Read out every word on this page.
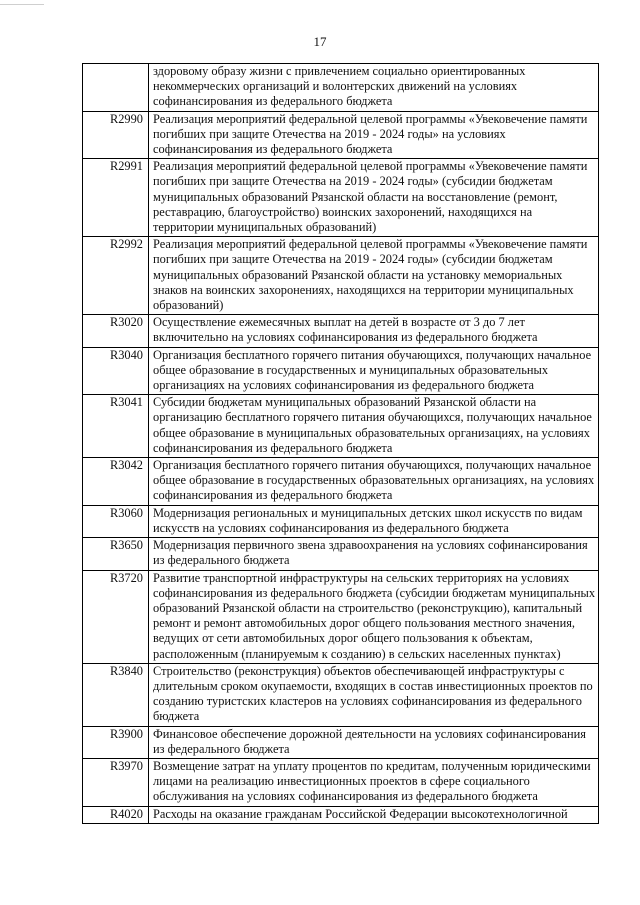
17
	здоровому образу жизни с привлечением социально ориентированных некоммерческих организаций и волонтерских движений на условиях софинансирования из федерального бюджета
R2990	Реализация мероприятий федеральной целевой программы «Увековечение памяти погибших при защите Отечества на 2019 - 2024 годы» на условиях софинансирования из федерального бюджета
R2991	Реализация мероприятий федеральной целевой программы «Увековечение памяти погибших при защите Отечества на 2019 - 2024 годы» (субсидии бюджетам муниципальных образований Рязанской области на восстановление (ремонт, реставрацию, благоустройство) воинских захоронений, находящихся на территории муниципальных образований)
R2992	Реализация мероприятий федеральной целевой программы «Увековечение памяти погибших при защите Отечества на 2019 - 2024 годы» (субсидии бюджетам муниципальных образований Рязанской области на установку мемориальных знаков на воинских захоронениях, находящихся на территории муниципальных образований)
R3020	Осуществление ежемесячных выплат на детей в возрасте от 3 до 7 лет включительно на условиях софинансирования из федерального бюджета
R3040	Организация бесплатного горячего питания обучающихся, получающих начальное общее образование в государственных и муниципальных образовательных организациях на условиях софинансирования из федерального бюджета
R3041	Субсидии бюджетам муниципальных образований Рязанской области на организацию бесплатного горячего питания обучающихся, получающих начальное общее образование в муниципальных образовательных организациях, на условиях софинансирования из федерального бюджета
R3042	Организация бесплатного горячего питания обучающихся, получающих начальное общее образование в государственных образовательных организациях, на условиях софинансирования из федерального бюджета
R3060	Модернизация региональных и муниципальных детских школ искусств по видам искусств на условиях софинансирования из федерального бюджета
R3650	Модернизация первичного звена здравоохранения на условиях софинансирования из федерального бюджета
R3720	Развитие транспортной инфраструктуры на сельских территориях на условиях софинансирования из федерального бюджета (субсидии бюджетам муниципальных образований Рязанской области на строительство (реконструкцию), капитальный ремонт и ремонт автомобильных дорог общего пользования местного значения, ведущих от сети автомобильных дорог общего пользования к объектам, расположенным (планируемым к созданию) в сельских населенных пунктах)
R3840	Строительство (реконструкция) объектов обеспечивающей инфраструктуры с длительным сроком окупаемости, входящих в состав инвестиционных проектов по созданию туристских кластеров на условиях софинансирования из федерального бюджета
R3900	Финансовое обеспечение дорожной деятельности на условиях софинансирования из федерального бюджета
R3970	Возмещение затрат на уплату процентов по кредитам, полученным юридическими лицами на реализацию инвестиционных проектов в сфере социального обслуживания на условиях софинансирования из федерального бюджета
R4020	Расходы на оказание гражданам Российской Федерации высокотехнологичной
